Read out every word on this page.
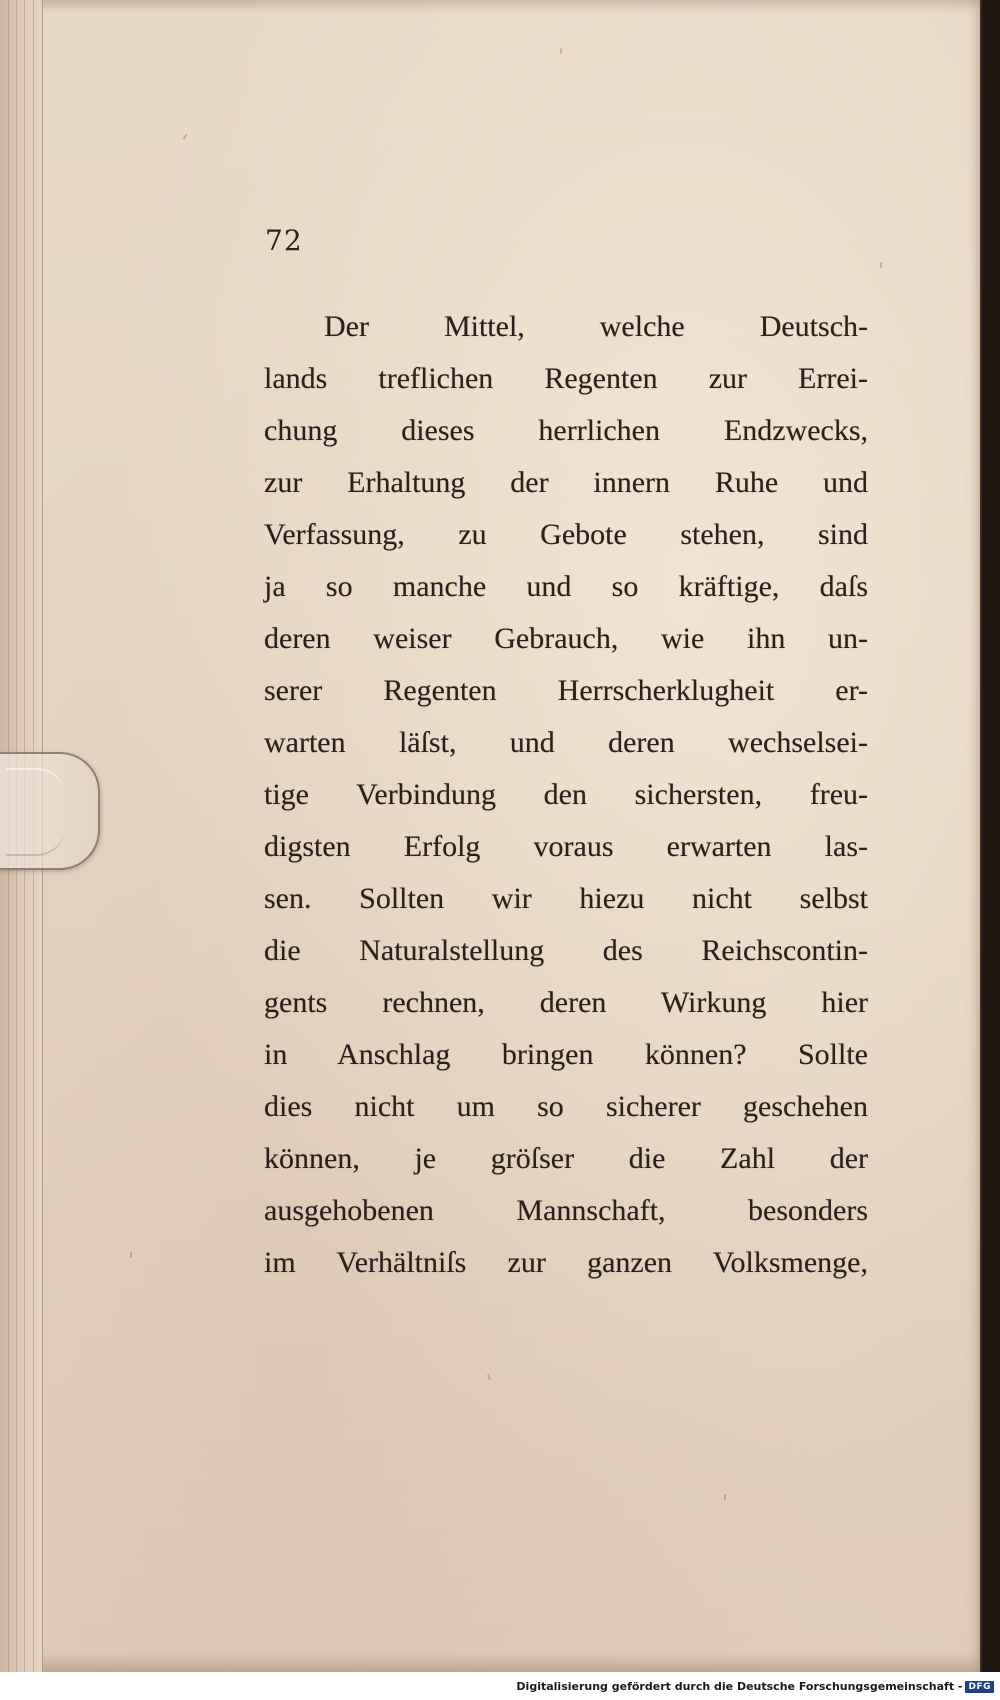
72
Der Mittel, welche Deutsch-
lands treflichen Regenten zur Errei-
chung dieses herrlichen Endzwecks,
zur Erhaltung der innern Ruhe und
Verfassung, zu Gebote stehen, sind
ja so manche und so kräftige, daſs
deren weiser Gebrauch, wie ihn un-
serer Regenten Herrscherklugheit er-
warten läſst, und deren wechselsei-
tige Verbindung den sichersten, freu-
digsten Erfolg voraus erwarten las-
sen. Sollten wir hiezu nicht selbst
die Naturalstellung des Reichscontin-
gents rechnen, deren Wirkung hier
in Anschlag bringen können? Sollte
dies nicht um so sicherer geschehen
können, je gröſser die Zahl der
ausgehobenen Mannschaft, besonders
im Verhältniſs zur ganzen Volksmenge,
Digitalisierung gefördert durch die Deutsche Forschungsgemeinschaft - DFG
